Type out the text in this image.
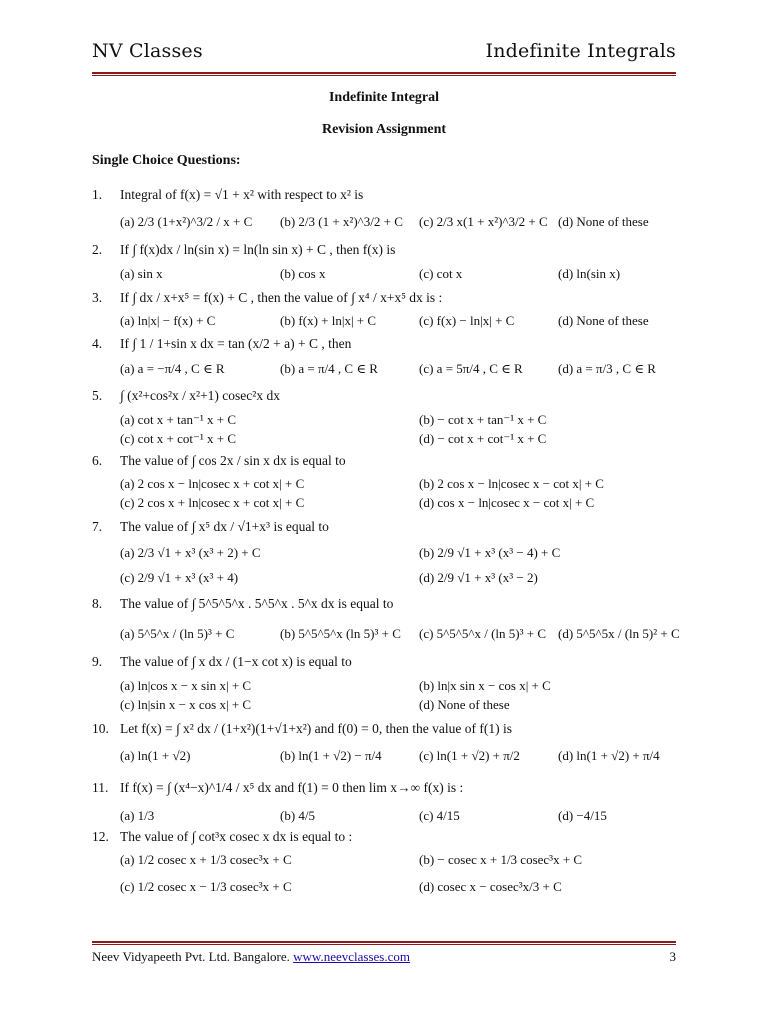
NV Classes	Indefinite Integrals
Indefinite Integral
Revision Assignment
Single Choice Questions:
1. Integral of f(x) = √1 + x² with respect to x² is
(a) 2/3 (1+x²)^3/2 / x + C (b) 2/3 (1 + x²)^3/2 + C (c) 2/3 x(1 + x²)^3/2 + C (d) None of these
2. If ∫ f(x)dx / ln(sin x) = ln(ln sin x) + C , then f(x) is
(a) sin x	(b) cos x	(c) cot x	(d) ln(sin x)
3. If ∫ dx / x+x⁵ = f(x) + C , then the value of ∫ x⁴ / x+x⁵ dx is :
(a) ln|x| − f(x) + C	(b) f(x) + ln|x| + C	(c) f(x) − ln|x| + C	(d) None of these
4. If ∫ 1 / 1+sin x dx = tan (x/2 + a) + C , then
(a) a = −π/4 , C ∈ R	(b) a = π/4 , C ∈ R	(c) a = 5π/4 , C ∈ R	(d) a = π/3 , C ∈ R
5. ∫ (x²+cos²x / x²+1) cosec²x dx
(a) cot x + tan⁻¹ x + C	(b) − cot x + tan⁻¹ x + C
(c) cot x + cot⁻¹ x + C	(d) − cot x + cot⁻¹ x + C
6. The value of ∫ cos 2x / sin x dx is equal to
(a) 2 cos x − ln|cosec x + cot x| + C	(b) 2 cos x − ln|cosec x − cot x| + C
(c) 2 cos x + ln|cosec x + cot x| + C	(d) cos x − ln|cosec x − cot x| + C
7. The value of ∫ x⁵ dx / √1+x³ is equal to
(a) 2/3 √1 + x³ (x³ + 2) + C	(b) 2/9 √1 + x³ (x³ − 4) + C
(c) 2/9 √1 + x³ (x³ + 4)	(d) 2/9 √1 + x³ (x³ − 2)
8. The value of ∫ 5^5^5^x . 5^5^x . 5^x dx is equal to
(a) 5^5^x / (ln 5)³ + C	(b) 5^5^5^x (ln 5)³ + C (c) 5^5^5^x / (ln 5)³ + C (d) 5^5^5x / (ln 5)² + C
9. The value of ∫ x dx / (1−x cot x) is equal to
(a) ln|cos x − x sin x| + C	(b) ln|x sin x − cos x| + C
(c) ln|sin x − x cos x| + C	(d) None of these
10. Let f(x) = ∫ x² dx / (1+x²)(1+√1+x²) and f(0) = 0, then the value of f(1) is
(a) ln(1 + √2)	(b) ln(1 + √2) − π/4	(c) ln(1 + √2) + π/2	(d) ln(1 + √2) + π/4
11. If f(x) = ∫ (x⁴−x)^1/4 / x⁵ dx and f(1) = 0 then lim x→∞ f(x) is :
(a) 1/3	(b) 4/5	(c) 4/15	(d) −4/15
12. The value of ∫ cot³x cosec x dx is equal to :
(a) 1/2 cosec x + 1/3 cosec³x + C	(b) − cosec x + 1/3 cosec³x + C
(c) 1/2 cosec x − 1/3 cosec³x + C	(d) cosec x − cosec³x/3 + C
Neev Vidyapeeth Pvt. Ltd. Bangalore. www.neevclasses.com	3
